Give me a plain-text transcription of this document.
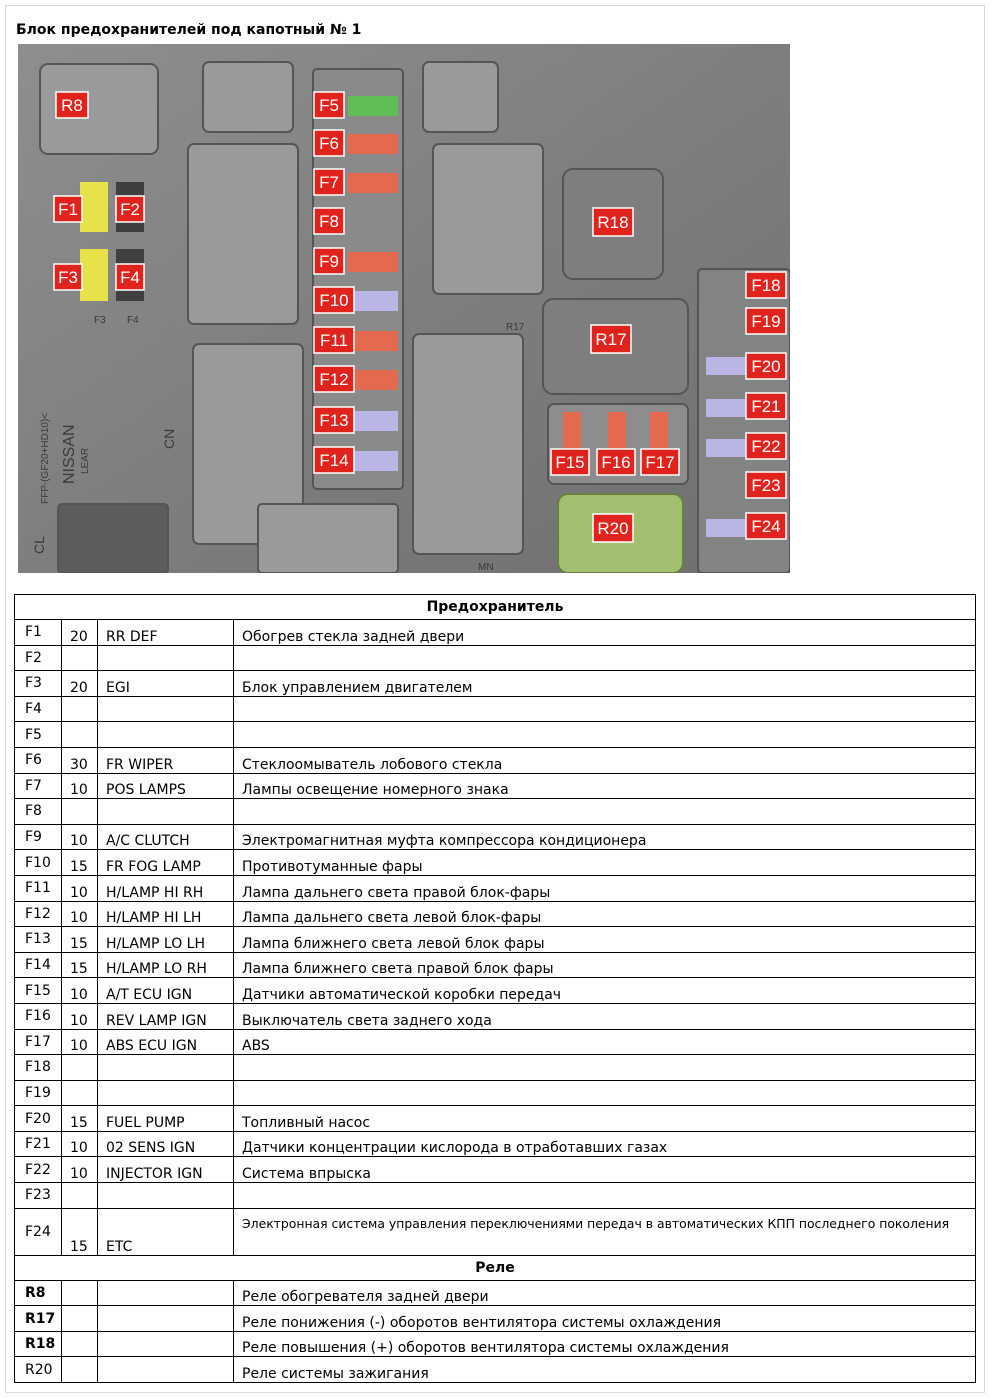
Блок предохранителей под капотный № 1
F3 F4
R17
MN
FFP-(GF20+HD10)< NISSAN LEAR
CN
CL
R8
F1 F2
F3 F4
F5
F6
F7
F8
F9
F10
F11
F12
F13
F14
R18
R17
R20
F15 F16 F17
F18
F19
F20
F21
F22
F23
F24
Предохранитель			
F1	20	RR DEF	Обогрев стекла задней двери
F2			
F3	20	EGI	Блок управлением двигателем
F4			
F5			
F6	30	FR WIPER	Стеклоомыватель лобового стекла
F7	10	POS LAMPS	Лампы освещение номерного знака
F8			
F9	10	A/C CLUTCH	Электромагнитная муфта компрессора кондиционера
F10	15	FR FOG LAMP	Противотуманные фары
F11	10	H/LAMP HI RH	Лампа дальнего света правой блок-фары
F12	10	H/LAMP HI LH	Лампа дальнего света левой блок-фары
F13	15	H/LAMP LO LH	Лампа ближнего света левой блок фары
F14	15	H/LAMP LO RH	Лампа ближнего света правой блок фары
F15	10	A/T ECU IGN	Датчики автоматической коробки передач
F16	10	REV LAMP IGN	Выключатель света заднего хода
F17	10	ABS ECU IGN	ABS
F18			
F19			
F20	15	FUEL PUMP	Топливный насос
F21	10	02 SENS IGN	Датчики концентрации кислорода в отработавших газах
F22	10	INJECTOR IGN	Система впрыска
F23			
F24	15	ETC	Электронная система управления переключениями передач в автоматических КПП последнего поколения
Реле			
R8			Реле обогревателя задней двери
R17			Реле понижения (-) оборотов вентилятора системы охлаждения
R18			Реле повышения (+) оборотов вентилятора системы охлаждения
R20			Реле системы зажигания
